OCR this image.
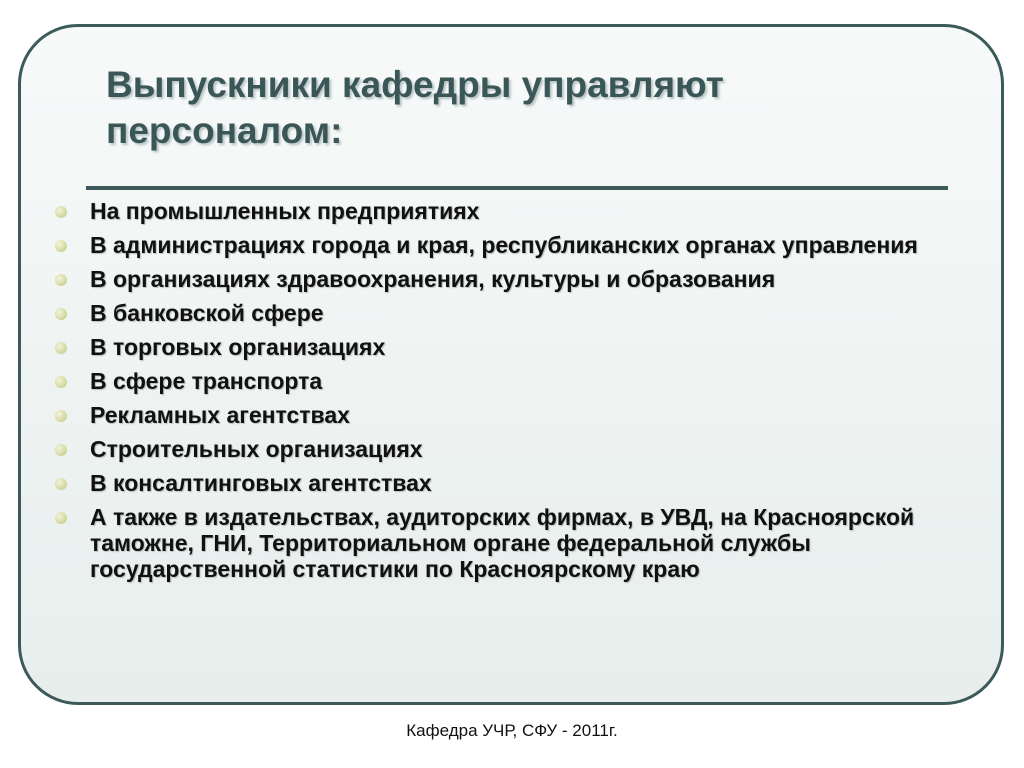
Выпускники кафедры управляют персоналом:
На промышленных предприятиях
В администрациях города и края, республиканских органах управления
В организациях здравоохранения, культуры и образования
В банковской сфере
В торговых организациях
В сфере транспорта
Рекламных агентствах
Строительных организациях
В консалтинговых агентствах
А также в издательствах, аудиторских фирмах, в УВД, на Красноярской таможне, ГНИ, Территориальном органе федеральной службы государственной статистики по Красноярскому краю
Кафедра УЧР, СФУ - 2011г.
